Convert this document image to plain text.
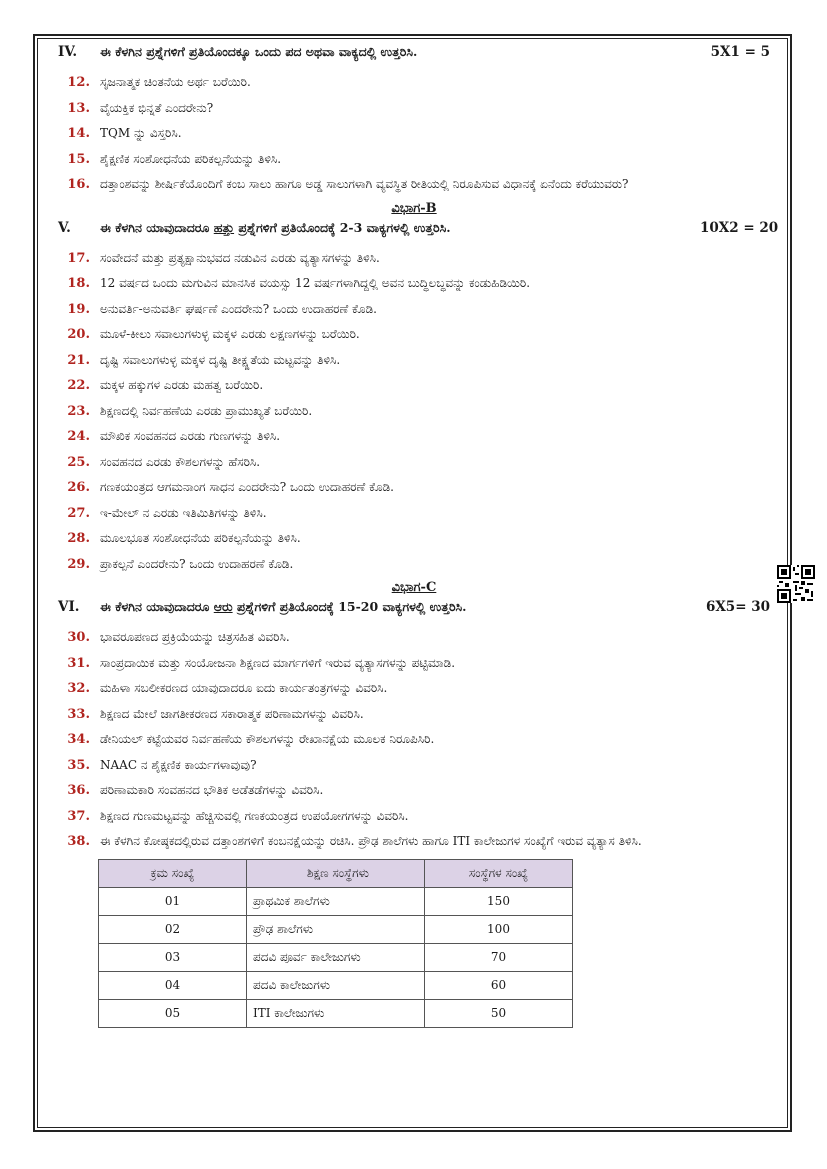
IV.	ಈ ಕೆಳಗಿನ ಪ್ರಶ್ನೆಗಳಿಗೆ ಪ್ರತಿಯೊಂದಕ್ಕೂ ಒಂದು ಪದ ಅಥವಾ ವಾಕ್ಯದಲ್ಲಿ ಉತ್ತರಿಸಿ.	5X1 = 5
12. ಸೃಜನಾತ್ಮಕ ಚಿಂತನೆಯ ಅರ್ಥ ಬರೆಯಿರಿ.
13. ವೈಯಕ್ತಿಕ ಭಿನ್ನತೆ ಎಂದರೇನು?
14. TQM ನ್ನು ವಿಸ್ತರಿಸಿ.
15. ಶೈಕ್ಷಣಿಕ ಸಂಶೋಧನೆಯ ಪರಿಕಲ್ಪನೆಯನ್ನು ತಿಳಿಸಿ.
16. ದತ್ತಾಂಶವನ್ನು ಶೀರ್ಷಿಕೆಯೊಂದಿಗೆ ಕಂಬ ಸಾಲು ಹಾಗೂ ಅಡ್ಡ ಸಾಲುಗಳಾಗಿ ವ್ಯವಸ್ಥಿತ ರೀತಿಯಲ್ಲಿ ನಿರೂಪಿಸುವ ವಿಧಾನಕ್ಕೆ ಏನೆಂದು ಕರೆಯುವರು?
ವಿಭಾಗ-B
V.	ಈ ಕೆಳಗಿನ ಯಾವುದಾದರೂ ಹತ್ತು ಪ್ರಶ್ನೆಗಳಿಗೆ ಪ್ರತಿಯೊಂದಕ್ಕೆ 2-3 ವಾಕ್ಯಗಳಲ್ಲಿ ಉತ್ತರಿಸಿ.	10X2 = 20
17. ಸಂವೇದನೆ ಮತ್ತು ಪ್ರತ್ಯಕ್ಷಾನುಭವದ ನಡುವಿನ ಎರಡು ವ್ಯತ್ಯಾಸಗಳನ್ನು ತಿಳಿಸಿ.
18. 12 ವರ್ಷದ ಒಂದು ಮಗುವಿನ ಮಾನಸಿಕ ವಯಸ್ಸು 12 ವರ್ಷಗಳಾಗಿದ್ದಲ್ಲಿ ಅವನ ಬುದ್ಧಿಲಬ್ಧವನ್ನು ಕಂಡುಹಿಡಿಯಿರಿ.
19. ಅನುವರ್ತಿ-ಅನುವರ್ತಿ ಘರ್ಷಣೆ ಎಂದರೇನು? ಒಂದು ಉದಾಹರಣೆ ಕೊಡಿ.
20. ಮೂಳೆ-ಕೀಲು ಸವಾಲುಗಳುಳ್ಳ ಮಕ್ಕಳ ಎರಡು ಲಕ್ಷಣಗಳನ್ನು ಬರೆಯಿರಿ.
21. ದೃಷ್ಟಿ ಸವಾಲುಗಳುಳ್ಳ ಮಕ್ಕಳ ದೃಷ್ಟಿ ತೀಕ್ಷ್ಣತೆಯ ಮಟ್ಟವನ್ನು ತಿಳಿಸಿ.
22. ಮಕ್ಕಳ ಹಕ್ಕುಗಳ ಎರಡು ಮಹತ್ವ ಬರೆಯಿರಿ.
23. ಶಿಕ್ಷಣದಲ್ಲಿ ನಿರ್ವಹಣೆಯ ಎರಡು ಪ್ರಾಮುಖ್ಯತೆ ಬರೆಯಿರಿ.
24. ಮೌಖಿಕ ಸಂವಹನದ ಎರಡು ಗುಣಗಳನ್ನು ತಿಳಿಸಿ.
25. ಸಂವಹನದ ಎರಡು ಕೌಶಲಗಳನ್ನು ಹೆಸರಿಸಿ.
26. ಗಣಕಯಂತ್ರದ ಆಗಮನಾಂಗ ಸಾಧನ ಎಂದರೇನು? ಒಂದು ಉದಾಹರಣೆ ಕೊಡಿ.
27. ಇ-ಮೇಲ್ ನ ಎರಡು ಇತಿಮಿತಿಗಳನ್ನು ತಿಳಿಸಿ.
28. ಮೂಲಭೂತ ಸಂಶೋಧನೆಯ ಪರಿಕಲ್ಪನೆಯನ್ನು ತಿಳಿಸಿ.
29. ಪ್ರಾಕಲ್ಪನೆ ಎಂದರೇನು? ಒಂದು ಉದಾಹರಣೆ ಕೊಡಿ.
ವಿಭಾಗ-C
VI.	ಈ ಕೆಳಗಿನ ಯಾವುದಾದರೂ ಆರು ಪ್ರಶ್ನೆಗಳಿಗೆ ಪ್ರತಿಯೊಂದಕ್ಕೆ 15-20 ವಾಕ್ಯಗಳಲ್ಲಿ ಉತ್ತರಿಸಿ.	6X5= 30
30. ಭಾವರೂಪಣದ ಪ್ರಕ್ರಿಯೆಯನ್ನು ಚಿತ್ರಸಹಿತ ವಿವರಿಸಿ.
31. ಸಾಂಪ್ರದಾಯಿಕ ಮತ್ತು ಸಂಯೋಜನಾ ಶಿಕ್ಷಣದ ಮಾರ್ಗಗಳಿಗೆ ಇರುವ ವ್ಯತ್ಯಾಸಗಳನ್ನು ಪಟ್ಟಿಮಾಡಿ.
32. ಮಹಿಳಾ ಸಬಲೀಕರಣದ ಯಾವುದಾದರೂ ಐದು ಕಾರ್ಯತಂತ್ರಗಳನ್ನು ವಿವರಿಸಿ.
33. ಶಿಕ್ಷಣದ ಮೇಲೆ ಜಾಗತೀಕರಣದ ಸಕಾರಾತ್ಮಕ ಪರಿಣಾಮಗಳನ್ನು ವಿವರಿಸಿ.
34. ಡೇನಿಯಲ್ ಕಟ್ಟೆಯವರ ನಿರ್ವಹಣೆಯ ಕೌಶಲಗಳನ್ನು ರೇಖಾನಕ್ಷೆಯ ಮೂಲಕ ನಿರೂಪಿಸಿರಿ.
35. NAAC ನ ಶೈಕ್ಷಣಿಕ ಕಾರ್ಯಗಳಾವುವು?
36. ಪರಿಣಾಮಕಾರಿ ಸಂವಹನದ ಭೌತಿಕ ಅಡೆತಡೆಗಳನ್ನು ವಿವರಿಸಿ.
37. ಶಿಕ್ಷಣದ ಗುಣಮಟ್ಟವನ್ನು ಹೆಚ್ಚಿಸುವಲ್ಲಿ ಗಣಕಯಂತ್ರದ ಉಪಯೋಗಗಳನ್ನು ವಿವರಿಸಿ.
38. ಈ ಕೆಳಗಿನ ಕೋಷ್ಠಕದಲ್ಲಿರುವ ದತ್ತಾಂಶಗಳಿಗೆ ಕಂಬನಕ್ಷೆಯನ್ನು ರಚಿಸಿ. ಪ್ರೌಢ ಶಾಲೆಗಳು ಹಾಗೂ ITI ಕಾಲೇಜುಗಳ ಸಂಖ್ಯೆಗೆ ಇರುವ ವ್ಯತ್ಯಾಸ ತಿಳಿಸಿ.
ಕ್ರಮ ಸಂಖ್ಯೆ	ಶಿಕ್ಷಣ ಸಂಸ್ಥೆಗಳು	ಸಂಸ್ಥೆಗಳ ಸಂಖ್ಯೆ
01	ಪ್ರಾಥಮಿಕ ಶಾಲೆಗಳು	150
02	ಪ್ರೌಢ ಶಾಲೆಗಳು	100
03	ಪದವಿ ಪೂರ್ವ ಕಾಲೇಜುಗಳು	70
04	ಪದವಿ ಕಾಲೇಜುಗಳು	60
05	ITI ಕಾಲೇಜುಗಳು	50
